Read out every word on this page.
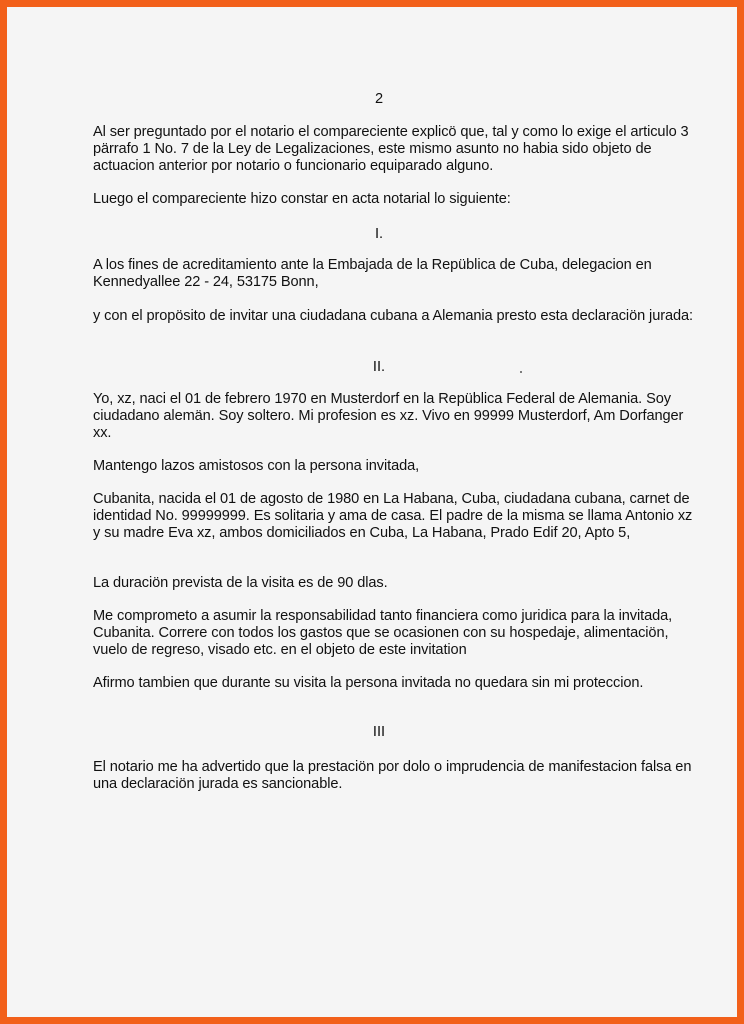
2

Al ser preguntado por el notario el compareciente explicö que, tal y como lo exige el articulo 3 pärrafo 1 No. 7 de la Ley de Legalizaciones, este mismo asunto no habia sido objeto de actuacion anterior por notario o funcionario equiparado alguno.

Luego el compareciente hizo constar en acta notarial lo siguiente:

I.

A los fines de acreditamiento ante la Embajada de la Repüblica de Cuba, delegacion en Kennedyallee 22 - 24, 53175 Bonn,

y con el propösito de invitar una ciudadana cubana a Alemania presto esta declaraciön jurada:

II.

Yo, xz, naci el 01 de febrero 1970 en Musterdorf en la Repüblica Federal de Alemania. Soy ciudadano alemän. Soy soltero. Mi profesion es xz. Vivo en 99999 Musterdorf, Am Dorfanger xx.

Mantengo lazos amistosos con la persona invitada,

Cubanita, nacida el 01 de agosto de 1980 en La Habana, Cuba, ciudadana cubana, carnet de identidad No. 99999999. Es solitaria y ama de casa. El padre de la misma se llama Antonio xz y su madre Eva xz, ambos domiciliados en Cuba, La Habana, Prado Edif 20, Apto 5,

La duraciön prevista de la visita es de 90 dlas.

Me comprometo a asumir la responsabilidad tanto financiera como juridica para la invitada, Cubanita. Correre con todos los gastos que se ocasionen con su hospedaje, alimentaciön, vuelo de regreso, visado etc. en el objeto de este invitation

Afirmo tambien que durante su visita la persona invitada no quedara sin mi proteccion.

III

El notario me ha advertido que la prestaciön por dolo o imprudencia de manifestacion falsa en una declaraciön jurada es sancionable.
